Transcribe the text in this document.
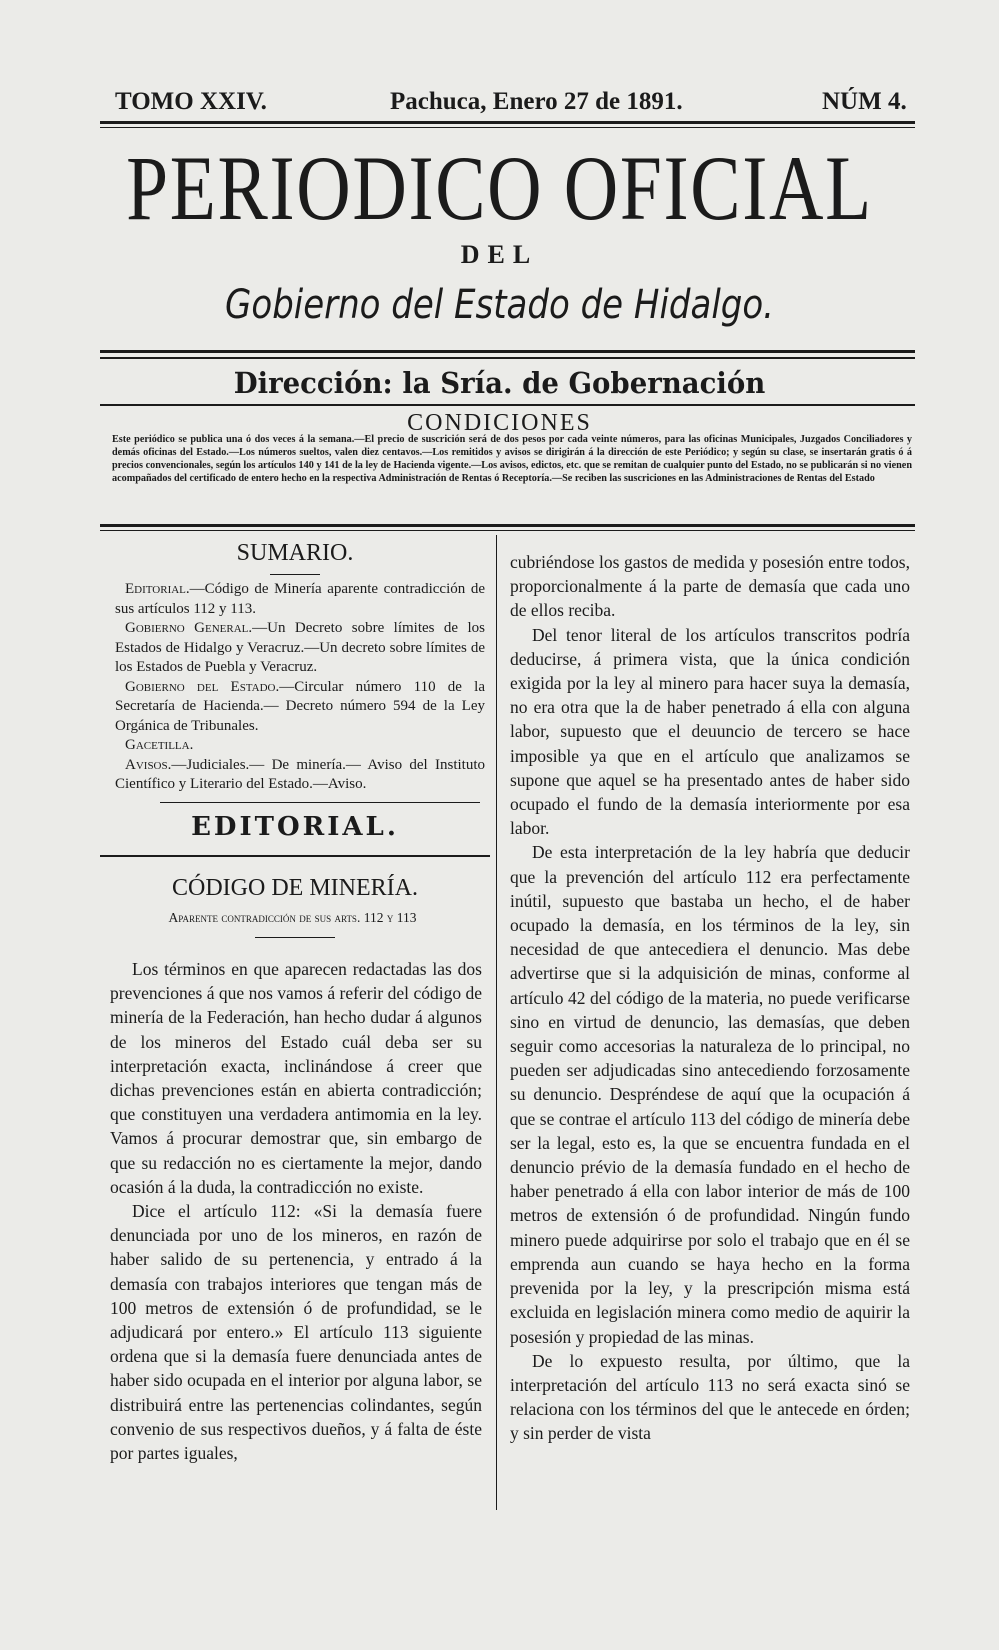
TOMO XXIV.	Pachuca, Enero 27 de 1891.	NÚM 4.
PERIODICO OFICIAL
DEL
Gobierno del Estado de Hidalgo.
Dirección: la Sría. de Gobernación
CONDICIONES
Este periódico se publica una ó dos veces á la semana.—El precio de suscrición será de dos pesos por cada veinte números, para las oficinas Municipales, Juzgados Conciliadores y demás oficinas del Estado.—Los números sueltos, valen diez centavos.—Los remitidos y avisos se dirigirán á la dirección de este Periódico; y según su clase, se insertarán gratis ó á precios convencionales, según los artículos 140 y 141 de la ley de Hacienda vigente.—Los avisos, edictos, etc. que se remitan de cualquier punto del Estado, no se publicarán si no vienen acompañados del certificado de entero hecho en la respectiva Administración de Rentas ó Receptoría.—Se reciben las suscriciones en las Administraciones de Rentas del Estado
SUMARIO.

Editorial.—Código de Minería aparente contradicción de sus artículos 112 y 113.

Gobierno General.—Un Decreto sobre límites de los Estados de Hidalgo y Veracruz.—Un decreto sobre límites de los Estados de Puebla y Veracruz.

Gobierno del Estado.—Circular número 110 de la Secretaría de Hacienda.— Decreto número 594 de la Ley Orgánica de Tribunales.

Gacetilla.

Avisos.—Judiciales.— De minería.— Aviso del Instituto Científico y Literario del Estado.—Aviso.

EDITORIAL.
CÓDIGO DE MINERÍA.
Aparente contradicción de sus arts. 112 y 113

Los términos en que aparecen redactadas las dos prevenciones á que nos vamos á referir del código de minería de la Federación, han hecho dudar á algunos de los mineros del Estado cuál deba ser su interpretación exacta, inclinándose á creer que dichas prevenciones están en abierta contradicción; que constituyen una verdadera antimomia en la ley. Vamos á procurar demostrar que, sin embargo de que su redacción no es ciertamente la mejor, dando ocasión á la duda, la contradicción no existe.

Dice el artículo 112: «Si la demasía fuere denunciada por uno de los mineros, en razón de haber salido de su pertenencia, y entrado á la demasía con trabajos interiores que tengan más de 100 metros de extensión ó de profundidad, se le adjudicará por entero.» El artículo 113 siguiente ordena que si la demasía fuere denunciada antes de haber sido ocupada en el interior por alguna labor, se distribuirá entre las pertenencias colindantes, según convenio de sus respectivos dueños, y á falta de éste por partes iguales,

cubriéndose los gastos de medida y posesión entre todos, proporcionalmente á la parte de demasía que cada uno de ellos reciba.

Del tenor literal de los artículos transcritos podría deducirse, á primera vista, que la única condición exigida por la ley al minero para hacer suya la demasía, no era otra que la de haber penetrado á ella con alguna labor, supuesto que el deuuncio de tercero se hace imposible ya que en el artículo que analizamos se supone que aquel se ha presentado antes de haber sido ocupado el fundo de la demasía interiormente por esa labor.

De esta interpretación de la ley habría que deducir que la prevención del artículo 112 era perfectamente inútil, supuesto que bastaba un hecho, el de haber ocupado la demasía, en los términos de la ley, sin necesidad de que antecediera el denuncio. Mas debe advertirse que si la adquisición de minas, conforme al artículo 42 del código de la materia, no puede verificarse sino en virtud de denuncio, las demasías, que deben seguir como accesorias la naturaleza de lo principal, no pueden ser adjudicadas sino antecediendo forzosamente su denuncio. Despréndese de aquí que la ocupación á que se contrae el artículo 113 del código de minería debe ser la legal, esto es, la que se encuentra fundada en el denuncio prévio de la demasía fundado en el hecho de haber penetrado á ella con labor interior de más de 100 metros de extensión ó de profundidad. Ningún fundo minero puede adquirirse por solo el trabajo que en él se emprenda aun cuando se haya hecho en la forma prevenida por la ley, y la prescripción misma está excluida en legislación minera como medio de aquirir la posesión y propiedad de las minas.

De lo expuesto resulta, por último, que la interpretación del artículo 113 no será exacta sinó se relaciona con los términos del que le antecede en órden; y sin perder de vista
